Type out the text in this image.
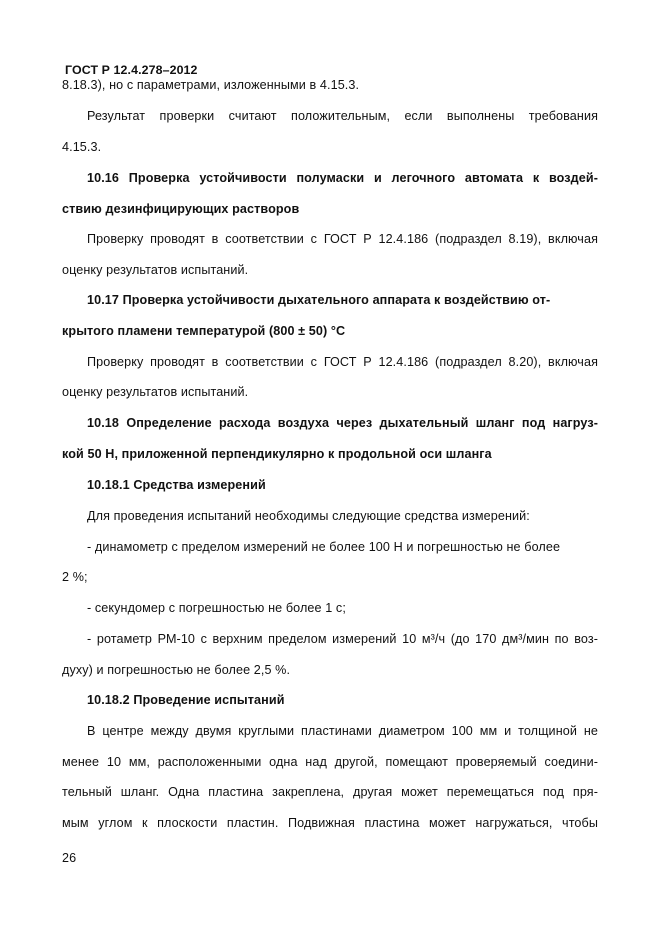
ГОСТ Р 12.4.278–2012
8.18.3), но с параметрами, изложенными в 4.15.3.
Результат проверки считают положительным, если выполнены требования
4.15.3.
10.16 Проверка устойчивости полумаски и легочного автомата к воздей-
ствию дезинфицирующих растворов
Проверку проводят в соответствии с ГОСТ Р 12.4.186 (подраздел 8.19), включая
оценку результатов испытаний.
10.17 Проверка устойчивости дыхательного аппарата к воздействию от-
крытого пламени температурой (800 ± 50) °С
Проверку проводят в соответствии с ГОСТ Р 12.4.186 (подраздел 8.20), включая
оценку результатов испытаний.
10.18 Определение расхода воздуха через дыхательный шланг под нагруз-
кой 50 Н, приложенной перпендикулярно к продольной оси шланга
10.18.1 Средства измерений
Для проведения испытаний необходимы следующие средства измерений:
- динамометр с пределом измерений не более 100 Н и погрешностью не более
2 %;
- секундомер с погрешностью не более 1 с;
- ротаметр РМ-10 с верхним пределом измерений 10 м³/ч (до 170 дм³/мин по воз-
духу) и погрешностью не более 2,5 %.
10.18.2 Проведение испытаний
В центре между двумя круглыми пластинами диаметром 100 мм и толщиной не
менее 10 мм, расположенными одна над другой, помещают проверяемый соедини-
тельный шланг. Одна пластина закреплена, другая может перемещаться под пря-
мым углом к плоскости пластин. Подвижная пластина может нагружаться, чтобы
26
